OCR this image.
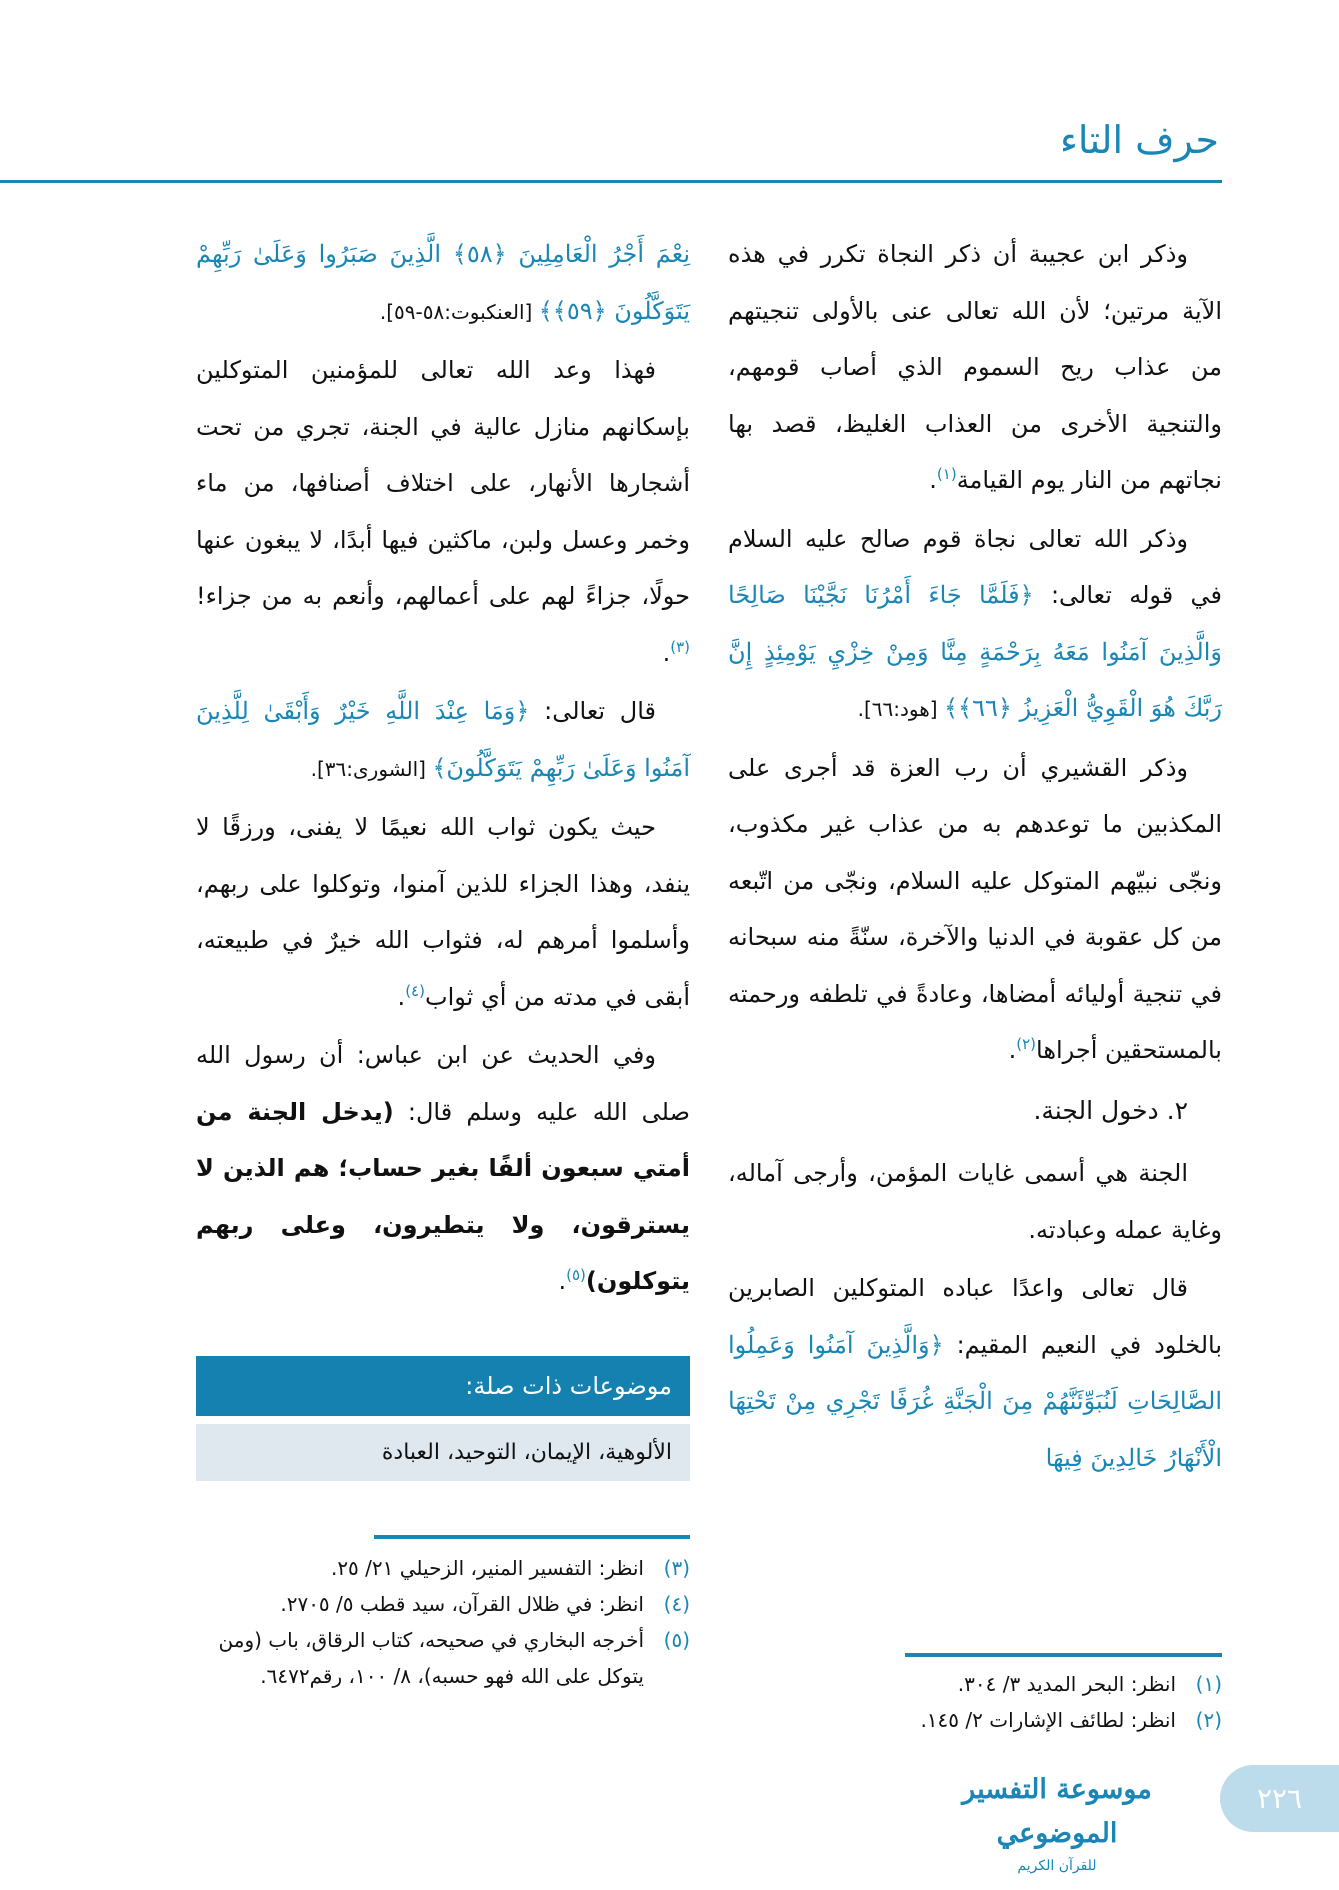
حرف التاء

وذكر ابن عجيبة أن ذكر النجاة تكرر في هذه الآية مرتين؛ لأن الله تعالى عنى بالأولى تنجيتهم من عذاب ريح السموم الذي أصاب قومهم، والتنجية الأخرى من العذاب الغليظ، قصد بها نجاتهم من النار يوم القيامة$^{(١)}$.

وذكر الله تعالى نجاة قوم صالح عليه السلام في قوله تعالى: ﴿فَلَمَّا جَاءَ أَمْرُنَا نَجَّيْنَا صَالِحًا وَالَّذِينَ آمَنُوا مَعَهُ بِرَحْمَةٍ مِنَّا وَمِنْ خِزْيِ يَوْمِئِذٍ إِنَّ رَبَّكَ هُوَ الْقَوِيُّ الْعَزِيزُ ﴿٦٦﴾﴾ [هود:٦٦].

وذكر القشيري أن رب العزة قد أجرى على المكذبين ما توعدهم به من عذاب غير مكذوب، ونجّى نبيّهم المتوكل عليه السلام، ونجّى من اتّبعه من كل عقوبة في الدنيا والآخرة، سنّةً منه سبحانه في تنجية أوليائه أمضاها، وعادةً في تلطفه ورحمته بالمستحقين أجراها$^{(٢)}$.

٢. دخول الجنة.

الجنة هي أسمى غايات المؤمن، وأرجى آماله، وغاية عمله وعبادته.

قال تعالى واعدًا عباده المتوكلين الصابرين بالخلود في النعيم المقيم: ﴿وَالَّذِينَ آمَنُوا وَعَمِلُوا الصَّالِحَاتِ لَنُبَوِّئَنَّهُمْ مِنَ الْجَنَّةِ غُرَفًا تَجْرِي مِنْ تَحْتِهَا الْأَنْهَارُ خَالِدِينَ فِيهَا

نِعْمَ أَجْرُ الْعَامِلِينَ ﴿٥٨﴾ الَّذِينَ صَبَرُوا وَعَلَىٰ رَبِّهِمْ يَتَوَكَّلُونَ ﴿٥٩﴾﴾ [العنكبوت:٥٨-٥٩].

فهذا وعد الله تعالى للمؤمنين المتوكلين بإسكانهم منازل عالية في الجنة، تجري من تحت أشجارها الأنهار، على اختلاف أصنافها، من ماء وخمر وعسل ولبن، ماكثين فيها أبدًا، لا يبغون عنها حولًا، جزاءً لهم على أعمالهم، وأنعم به من جزاء!$^{(٣)}$.

قال تعالى: ﴿وَمَا عِنْدَ اللَّهِ خَيْرٌ وَأَبْقَىٰ لِلَّذِينَ آمَنُوا وَعَلَىٰ رَبِّهِمْ يَتَوَكَّلُونَ﴾ [الشورى:٣٦].

حيث يكون ثواب الله نعيمًا لا يفنى، ورزقًا لا ينفد، وهذا الجزاء للذين آمنوا، وتوكلوا على ربهم، وأسلموا أمرهم له، فثواب الله خيرٌ في طبيعته، أبقى في مدته من أي ثواب$^{(٤)}$.

وفي الحديث عن ابن عباس: أن رسول الله صلى الله عليه وسلم قال: (يدخل الجنة من أمتي سبعون ألفًا بغير حساب؛ هم الذين لا يسترقون، ولا يتطيرون، وعلى ربهم يتوكلون)$^{(٥)}$.

موضوعات ذات صلة:
الألوهية، الإيمان، التوحيد، العبادة
(٣)
انظر: التفسير المنير، الزحيلي ٢١/ ٢٥.
(٤)
انظر: في ظلال القرآن، سيد قطب ٥/ ٢٧٠٥.
(٥)
أخرجه البخاري في صحيحه، كتاب الرقاق، باب (ومن يتوكل على الله فهو حسبه)، ٨/ ١٠٠، رقم٦٤٧٢.	(١)
انظر: البحر المديد ٣/ ٣٠٤.
(٢)
انظر: لطائف الإشارات ٢/ ١٤٥.
موسوعة التفسير الموضوعي
للقرآن الكريم
٢٢٦
